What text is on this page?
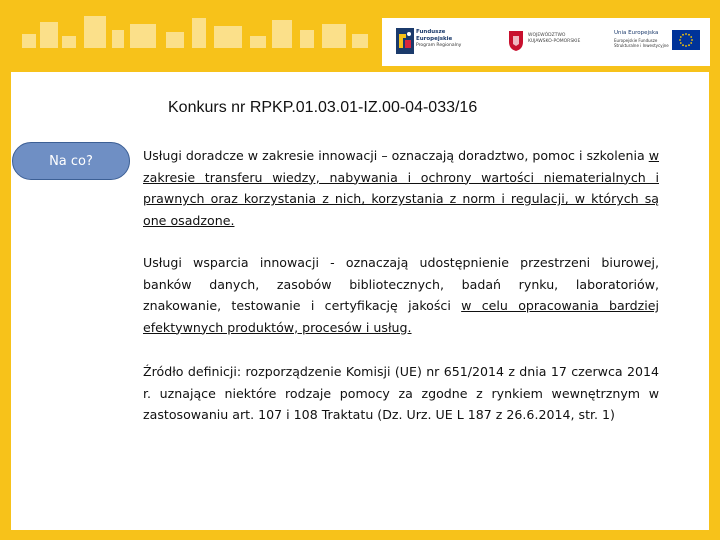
Fundusze
Europejskie
Program Regionalny
WOJEWÓDZTWO
KUJAWSKO-POMORSKIE
Unia Europejska
Europejskie Fundusze
Strukturalne i Inwestycyjne
Konkurs nr RPKP.01.03.01-IZ.00-04-033/16
Na co?	Usługi doradcze w zakresie innowacji – oznaczają doradztwo, pomoc i szkolenia w zakresie transferu wiedzy, nabywania i ochrony wartości niematerialnych i prawnych oraz korzystania z nich, korzystania z norm i regulacji, w których są one osadzone.
Usługi wsparcia innowacji - oznaczają udostępnienie przestrzeni biurowej, banków danych, zasobów bibliotecznych, badań rynku, laboratoriów, znakowanie, testowanie i certyfikację jakości w celu opracowania bardziej efektywnych produktów, procesów i usług.
Źródło definicji: rozporządzenie Komisji (UE) nr 651/2014 z dnia 17 czerwca 2014 r. uznające niektóre rodzaje pomocy za zgodne z rynkiem wewnętrznym w zastosowaniu art. 107 i 108 Traktatu (Dz. Urz. UE L 187 z 26.6.2014, str. 1)
